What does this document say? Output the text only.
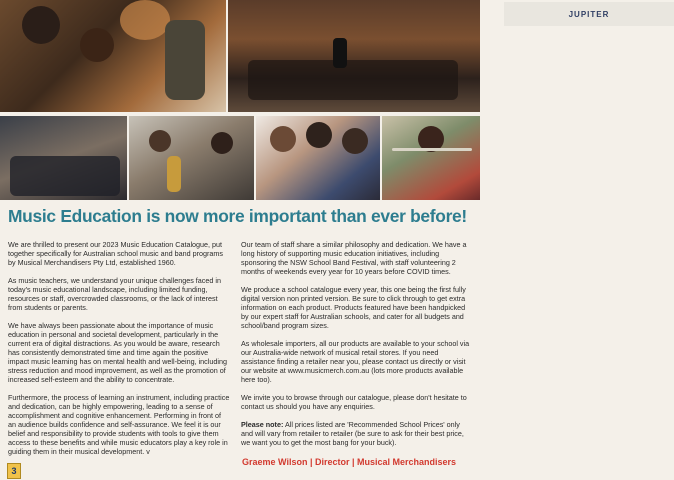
JUPITER
Music Education is now more important than ever before!

We are thrilled to present our 2023 Music Education Catalogue, put together specifically for Australian school music and band programs by Musical Merchandisers Pty Ltd, established 1960.

As music teachers, we understand your unique challenges faced in today's music educational landscape, including limited funding, resources or staff, overcrowded classrooms, or the lack of interest from students or parents.

We have always been passionate about the importance of music education in personal and societal development, particularly in the current era of digital distractions. As you would be aware, research has consistently demonstrated time and time again the positive impact music learning has on mental health and well-being, including stress reduction and mood improvement, as well as the promotion of increased self-esteem and the ability to concentrate.

Furthermore, the process of learning an instrument, including practice and dedication, can be highly empowering, leading to a sense of accomplishment and cognitive enhancement. Performing in front of an audience builds confidence and self-assurance. We feel it is our belief and responsibility to provide students with tools to give them access to these benefits and while music educators play a key role in guiding them in their musical development. v

Our team of staff share a similar philosophy and dedication. We have a long history of supporting music education initiatives, including sponsoring the NSW School Band Festival, with staff volunteering 2 months of weekends every year for 10 years before COVID times.

We produce a school catalogue every year, this one being the first fully digital version non printed version. Be sure to click through to get extra information on each product. Products featured have been handpicked by our expert staff for Australian schools, and cater for all budgets and school/band program sizes.

As wholesale importers, all our products are available to your school via our Australia-wide network of musical retail stores. If you need assistance finding a retailer near you, please contact us directly or visit our website at www.musicmerch.com.au (lots more products available here too).

We invite you to browse through our catalogue, please don't hesitate to contact us should you have any enquiries.

Please note: All prices listed are 'Recommended School Prices' only and will vary from retailer to retailer (be sure to ask for their best price, we want you to get the most bang for your buck).

Graeme Wilson | Director | Musical Merchandisers
3
